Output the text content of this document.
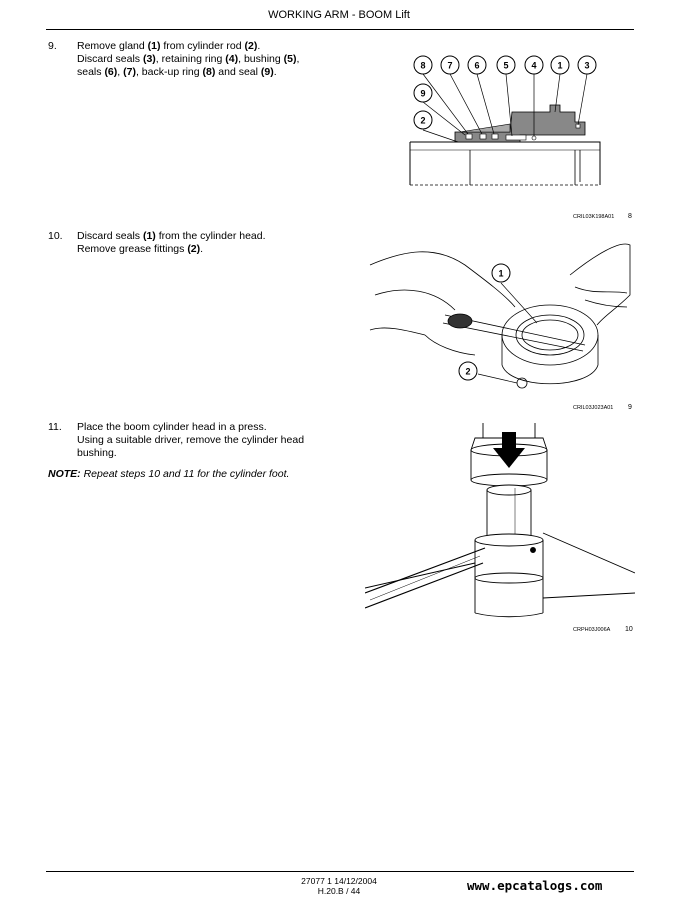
WORKING ARM - BOOM Lift
9. Remove gland (1) from cylinder rod (2).
Discard seals (3), retaining ring (4), bushing (5),
seals (6), (7), back-up ring (8) and seal (9).
10. Discard seals (1) from the cylinder head.
Remove grease fittings (2).
11. Place the boom cylinder head in a press.
Using a suitable driver, remove the cylinder head
bushing.
NOTE: Repeat steps 10 and 11 for the cylinder foot.
8 7 6	5	4 1 3
9
2
CRIL03K198A01 8
1
2
CRIL03J023A01 9
CRPH03J006A 10
27077 1 14/12/2004
H.20.B / 44	www.epcatalogs.com
